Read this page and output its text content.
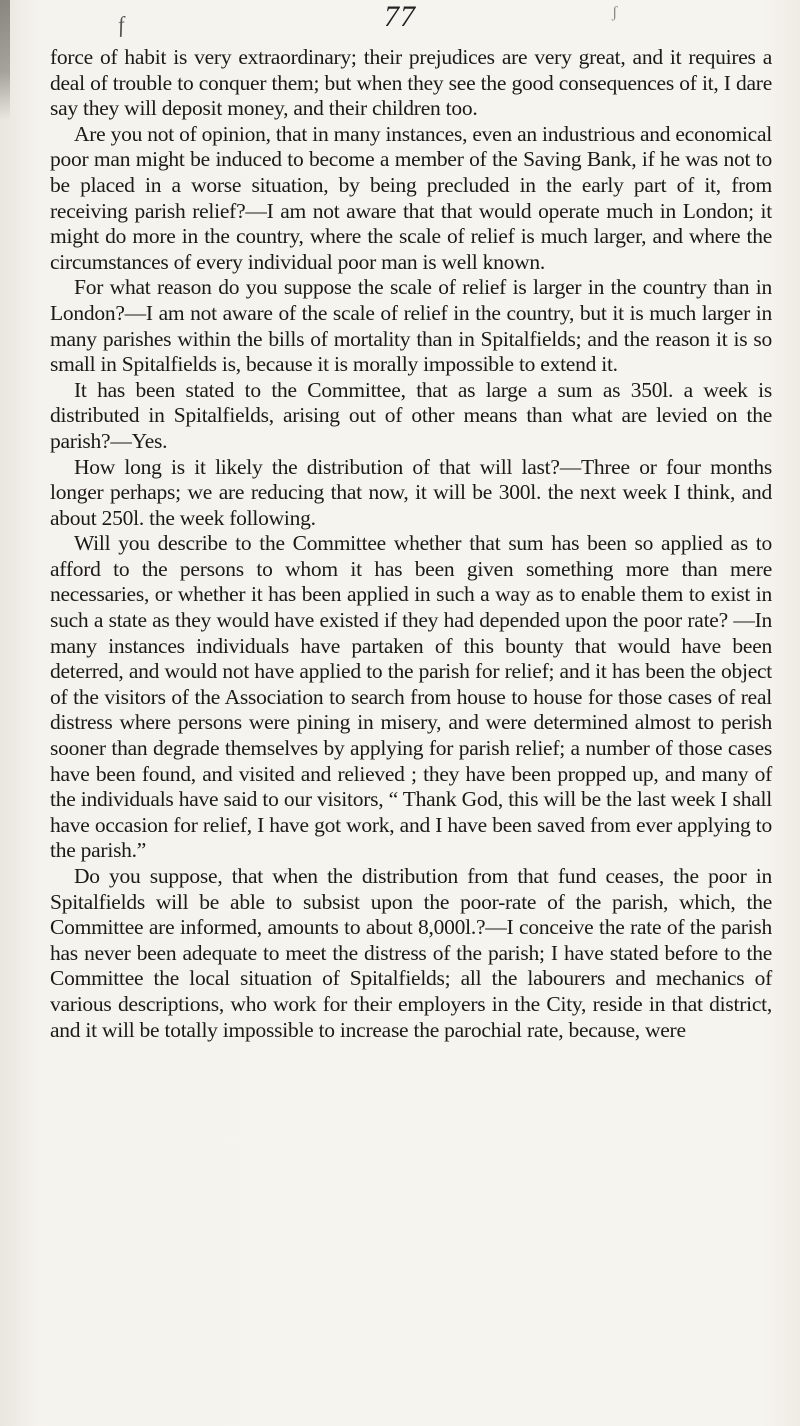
f	ʃ
77

force of habit is very extraordinary; their prejudices are very great, and it requires a deal of trouble to conquer them; but when they see the good consequences of it, I dare say they will deposit money, and their children too.

Are you not of opinion, that in many instances, even an industrious and economical poor man might be induced to become a member of the Saving Bank, if he was not to be placed in a worse situation, by being precluded in the early part of it, from receiving parish relief?—I am not aware that that would operate much in London; it might do more in the country, where the scale of relief is much larger, and where the circumstances of every individual poor man is well known.

For what reason do you suppose the scale of relief is larger in the country than in London?—I am not aware of the scale of relief in the country, but it is much larger in many parishes within the bills of mortality than in Spitalfields; and the reason it is so small in Spitalfields is, because it is morally impossible to extend it.

It has been stated to the Committee, that as large a sum as 350l. a week is distributed in Spitalfields, arising out of other means than what are levied on the parish?—Yes.

How long is it likely the distribution of that will last?—Three or four months longer perhaps; we are reducing that now, it will be 300l. the next week I think, and about 250l. the week following.

Will you describe to the Committee whether that sum has been so applied as to afford to the persons to whom it has been given something more than mere necessaries, or whether it has been applied in such a way as to enable them to exist in such a state as they would have existed if they had depended upon the poor rate? —In many instances individuals have partaken of this bounty that would have been deterred, and would not have applied to the parish for relief; and it has been the object of the visitors of the Association to search from house to house for those cases of real distress where persons were pining in misery, and were determined almost to perish sooner than degrade themselves by applying for parish relief; a number of those cases have been found, and visited and relieved ; they have been propped up, and many of the individuals have said to our visitors, “ Thank God, this will be the last week I shall have occasion for relief, I have got work, and I have been saved from ever applying to the parish.”

Do you suppose, that when the distribution from that fund ceases, the poor in Spitalfields will be able to subsist upon the poor-rate of the parish, which, the Committee are informed, amounts to about 8,000l.?—I conceive the rate of the parish has never been adequate to meet the distress of the parish; I have stated before to the Committee the local situation of Spitalfields; all the labourers and mechanics of various descriptions, who work for their employers in the City, reside in that district, and it will be totally impossible to increase the parochial rate, because, were
